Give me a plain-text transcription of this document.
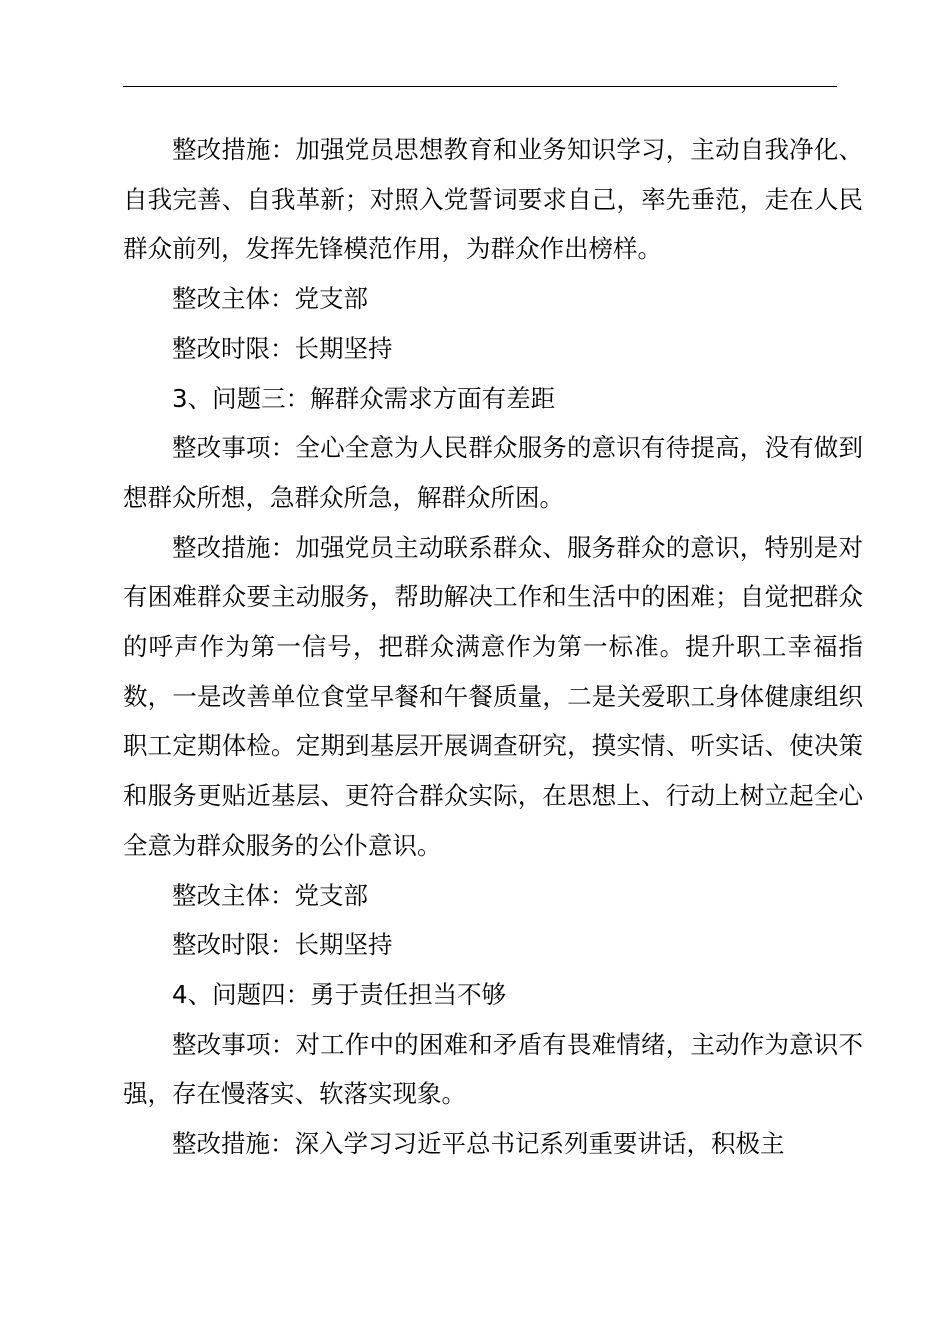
整改措施：加强党员思想教育和业务知识学习，主动自我净化、自我完善、自我革新；对照入党誓词要求自己，率先垂范，走在人民群众前列，发挥先锋模范作用，为群众作出榜样。

整改主体：党支部

整改时限：长期坚持

3、问题三：解群众需求方面有差距

整改事项：全心全意为人民群众服务的意识有待提高，没有做到想群众所想，急群众所急，解群众所困。

整改措施：加强党员主动联系群众、服务群众的意识，特别是对有困难群众要主动服务，帮助解决工作和生活中的困难；自觉把群众的呼声作为第一信号，把群众满意作为第一标准。提升职工幸福指数，一是改善单位食堂早餐和午餐质量，二是关爱职工身体健康组织职工定期体检。定期到基层开展调查研究，摸实情、听实话、使决策和服务更贴近基层、更符合群众实际，在思想上、行动上树立起全心全意为群众服务的公仆意识。

整改主体：党支部

整改时限：长期坚持

4、问题四：勇于责任担当不够

整改事项：对工作中的困难和矛盾有畏难情绪，主动作为意识不强，存在慢落实、软落实现象。

整改措施：深入学习习近平总书记系列重要讲话，积极主
